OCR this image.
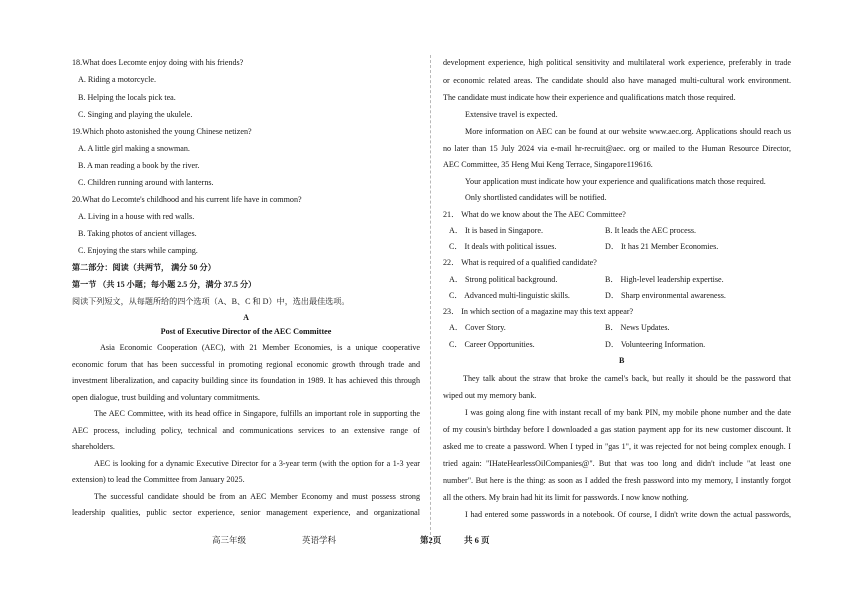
18.What does Lecomte enjoy doing with his friends?
A. Riding a motorcycle.
B. Helping the locals pick tea.
C. Singing and playing the ukulele.
19.Which photo astonished the young Chinese netizen?
A. A little girl making a snowman.
B. A man reading a book by the river.
C. Children running around with lanterns.
20.What do Lecomte's childhood and his current life have in common?
A. Living in a house with red walls.
B. Taking photos of ancient villages.
C. Enjoying the stars while camping.
第二部分：阅读（共两节， 满分 50 分）
第一节 （共 15 小题；每小题 2.5 分，满分 37.5 分）
阅读下列短文，从每题所给的四个选项（A、B、C 和 D）中，选出最佳选项。
A
Post of Executive Director of the AEC Committee
Asia Economic Cooperation (AEC), with 21 Member Economies, is a unique cooperative
economic forum that has been successful in promoting regional economic growth through trade and
investment liberalization, and capacity building since its foundation in 1989. It has achieved this through
open dialogue, trust building and voluntary commitments.
The AEC Committee, with its head office in Singapore, fulfills an important role in supporting the
AEC process, including policy, technical and communications services to an extensive range of
shareholders.
AEC is looking for a dynamic Executive Director for a 3-year term (with the option for a 1-3 year
extension) to lead the Committee from January 2025.
The successful candidate should be from an AEC Member Economy and must possess strong
leadership qualities, public sector experience, senior management experience, and organizational
development experience, high political sensitivity and multilateral work experience, preferably in trade
or economic related areas. The candidate should also have managed multi-cultural work environment.
The candidate must indicate how their experience and qualifications match those required.
Extensive travel is expected.
More information on AEC can be found at our website www.aec.org. Applications should reach us
no later than 15 July 2024 via e-mail hr-recruit@aec. org or mailed to the Human Resource Director,
AEC Committee, 35 Heng Mui Keng Terrace, Singapore119616.
Your application must indicate how your experience and qualifications match those required.
Only shortlisted candidates will be notified.
21． What do we know about the The AEC Committee?
A． It is based in Singapore.	B. It leads the AEC process.
C． It deals with political issues.	D． It has 21 Member Economies.
22． What is required of a qualified candidate?
A． Strong political background.	B． High-level leadership expertise.
C． Advanced multi-linguistic skills.	D． Sharp environmental awareness.
23． In which section of a magazine may this text appear?
A． Cover Story.	B． News Updates.
C． Career Opportunities.	D． Volunteering Information.
B
They talk about the straw that broke the camel's back, but really it should be the password that
wiped out my memory bank.
I was going along fine with instant recall of my bank PIN, my mobile phone number and the date
of my cousin's birthday before I downloaded a gas station payment app for its new customer discount. It
asked me to create a password. When I typed in "gas 1", it was rejected for not being complex enough. I
tried again: "IHateHearlessOilCompanies@". But that was too long and didn't include "at least one
number". But here is the thing: as soon as I added the fresh password into my memory, I instantly forgot
all the others. My brain had hit its limit for passwords. I now know nothing.
I had entered some passwords in a notebook. Of course, I didn't write down the actual passwords,
高三年级	英语学科	第2页	共 6 页
